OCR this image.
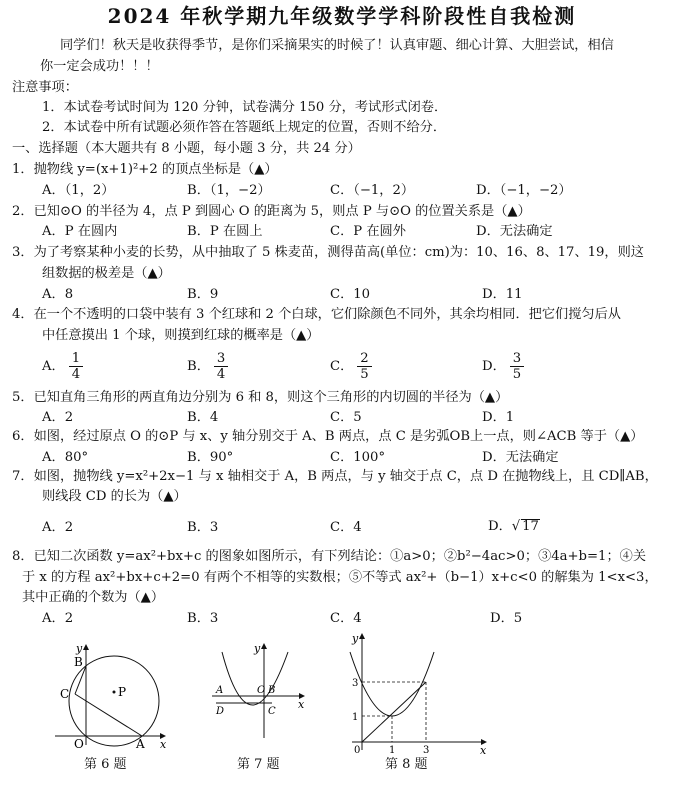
2024 年秋学期九年级数学学科阶段性自我检测
同学们！秋天是收获得季节，是你们采摘果实的时候了！认真审题、细心计算、大胆尝试，相信
你一定会成功！！！
注意事项：
1．本试卷考试时间为 120 分钟，试卷满分 150 分，考试形式闭卷．
2．本试卷中所有试题必须作答在答题纸上规定的位置，否则不给分．
一、选择题（本大题共有 8 小题，每小题 3 分，共 24 分）
1．抛物线 y=(x+1)²+2 的顶点坐标是（▲）
A．（1，2）	B．（1，−2）	C．（−1，2）	D．（−1，−2）
2．已知⊙O 的半径为 4，点 P 到圆心 O 的距离为 5，则点 P 与⊙O 的位置关系是（▲）
A．P 在圆内	B．P 在圆上	C．P 在圆外	D．无法确定
3．为了考察某种小麦的长势，从中抽取了 5 株麦苗，测得苗高(单位：cm)为：10、16、8、17、19，则这
组数据的极差是（▲）
A．8	B．9	C．10	D．11
4．在一个不透明的口袋中装有 3 个红球和 2 个白球，它们除颜色不同外，其余均相同．把它们搅匀后从
中任意摸出 1 个球，则摸到红球的概率是（▲）
A． $\frac{1}{4}$	B． $\frac{3}{4}$	C． $\frac{2}{5}$	D． $\frac{3}{5}$
5．已知直角三角形的两直角边分别为 6 和 8，则这个三角形的内切圆的半径为（▲）
A．2	B．4	C．5	D．1
6．如图，经过原点 O 的⊙P 与 x、y 轴分别交于 A、B 两点，点 C 是劣弧OB上一点，则∠ACB 等于（▲）
A．80°	B．90°	C．100°	D．无法确定
7．如图，抛物线 y=x²+2x−1 与 x 轴相交于 A，B 两点，与 y 轴交于点 C，点 D 在抛物线上，且 CD∥AB，
则线段 CD 的长为（▲）
A．2	B．3	C．4	D．√ 17
8．已知二次函数 y=ax²+bx+c 的图象如图所示，有下列结论：①a>0；②b²−4ac>0；③4a+b=1；④关
于 x 的方程 ax²+bx+c+2=0 有两个不相等的实数根；⑤不等式 ax²+（b−1）x+c<0 的解集为 1<x<3，
其中正确的个数为（▲）
A．2	B．3	C．4	D．5
y
x
B
C	P
O	A
第 6 题
y
x
A
D
O B
C
第 7 题
y
x
3
1
0	1	3
第 8 题
